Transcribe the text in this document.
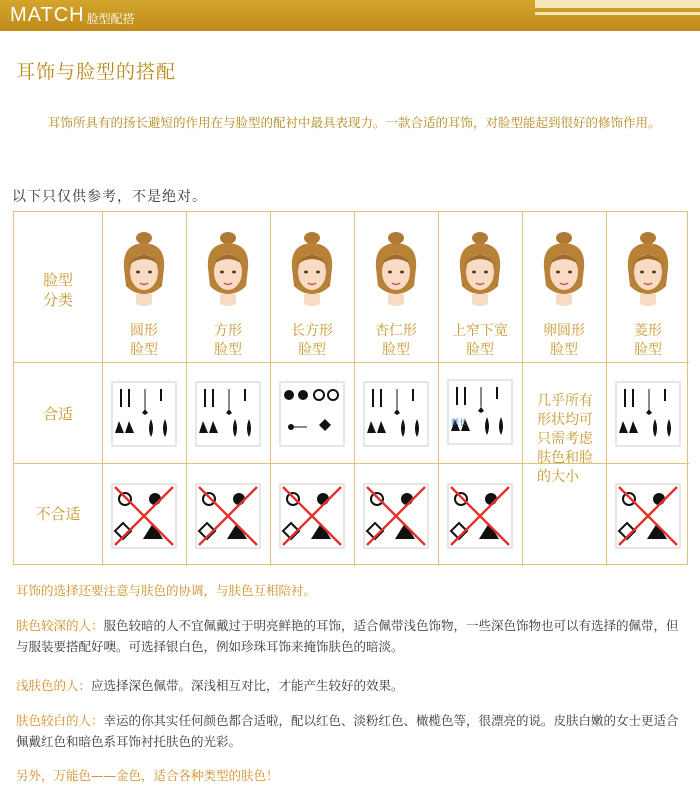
MATCH 脸型配搭
耳饰与脸型的搭配
耳饰所具有的扬长避短的作用在与脸型的配衬中最具表现力。一款合适的耳饰，对脸型能起到很好的修饰作用。
以下只仅供参考，不是绝对。
脸型
分类
合适
不合适
圆形
脸型
方形
脸型
长方形
脸型
杏仁形
脸型
上窄下宽
脸型
卵圆形
脸型
菱形
脸型
颊长
几乎所有形状均可只需考虑肤色和脸的大小
耳饰的选择还要注意与肤色的协调，与肤色互相陪衬。
肤色较深的人：服色较暗的人不宜佩戴过于明亮鲜艳的耳饰，适合佩带浅色饰物，一些深色饰物也可以有选择的佩带，但与服装要搭配好噢。可选择银白色，例如珍珠耳饰来掩饰肤色的暗淡。
浅肤色的人：应选择深色佩带。深浅相互对比，才能产生较好的效果。
肤色较白的人：幸运的你其实任何颜色都合适啦，配以红色、淡粉红色、橄榄色等，很漂亮的说。皮肤白嫩的女士更适合佩戴红色和暗色系耳饰衬托肤色的光彩。
另外，万能色——金色，适合各种类型的肤色！
